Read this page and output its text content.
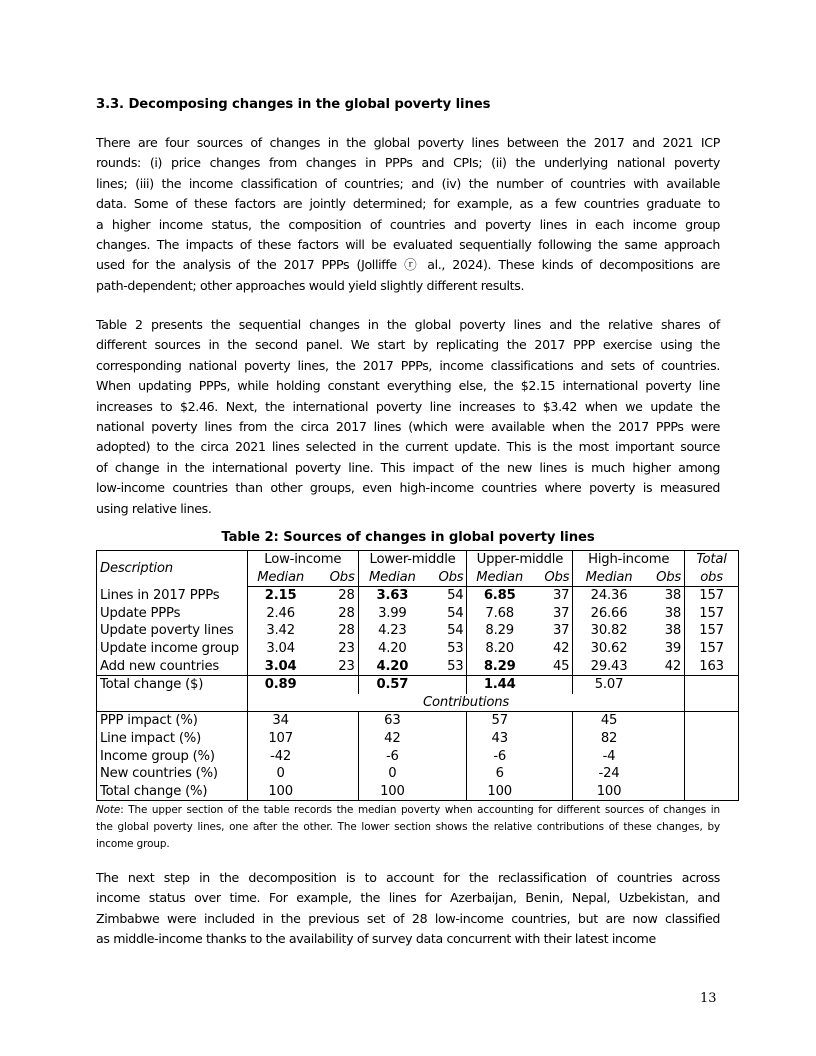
3.3. Decomposing changes in the global poverty lines
There are four sources of changes in the global poverty lines between the 2017 and 2021 ICP
rounds: (i) price changes from changes in PPPs and CPIs; (ii) the underlying national poverty
lines; (iii) the income classification of countries; and (iv) the number of countries with available
data. Some of these factors are jointly determined; for example, as a few countries graduate to
a higher income status, the composition of countries and poverty lines in each income group
changes. The impacts of these factors will be evaluated sequentially following the same approach
used for the analysis of the 2017 PPPs (Jolliffe ⓡ al., 2024). These kinds of decompositions are
path-dependent; other approaches would yield slightly different results.
Table 2 presents the sequential changes in the global poverty lines and the relative shares of
different sources in the second panel. We start by replicating the 2017 PPP exercise using the
corresponding national poverty lines, the 2017 PPPs, income classifications and sets of countries.
When updating PPPs, while holding constant everything else, the $2.15 international poverty line
increases to $2.46. Next, the international poverty line increases to $3.42 when we update the
national poverty lines from the circa 2017 lines (which were available when the 2017 PPPs were
adopted) to the circa 2021 lines selected in the current update. This is the most important source
of change in the international poverty line. This impact of the new lines is much higher among
low-income countries than other groups, even high-income countries where poverty is measured
using relative lines.
Table 2: Sources of changes in global poverty lines
Description	Low-income		Lower-middle		Upper-middle		High-income		Total
	Median	Obs	Median	Obs	Median	Obs	Median	Obs	obs
Lines in 2017 PPPs	2.15	28	3.63	54	6.85	37	24.36	38	157
Update PPPs	2.46	28	3.99	54	7.68	37	26.66	38	157
Update poverty lines	3.42	28	4.23	54	8.29	37	30.82	38	157
Update income group	3.04	23	4.20	53	8.20	42	30.62	39	157
Add new countries	3.04	23	4.20	53	8.29	45	29.43	42	163
Total change ($)	0.89		0.57		1.44		5.07		
	Contributions								
PPP impact (%)	34		63		57		45		
Line impact (%)	107		42		43		82		
Income group (%)	-42		-6		-6		-4		
New countries (%)	0		0		6		-24		
Total change (%)	100		100		100		100		
Note: The upper section of the table records the median poverty when accounting for different sources of changes in
the global poverty lines, one after the other. The lower section shows the relative contributions of these changes, by
income group.
The next step in the decomposition is to account for the reclassification of countries across
income status over time. For example, the lines for Azerbaijan, Benin, Nepal, Uzbekistan, and
Zimbabwe were included in the previous set of 28 low-income countries, but are now classified
as middle-income thanks to the availability of survey data concurrent with their latest income
13
